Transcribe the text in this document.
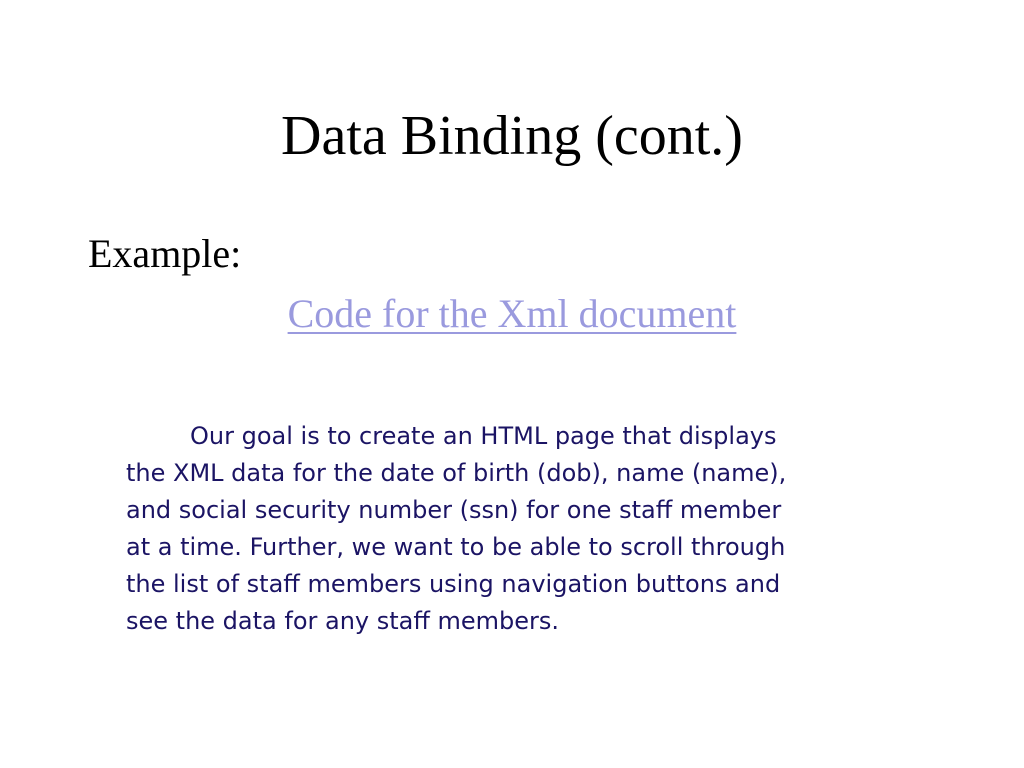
Data Binding (cont.)
Example:
Code for the Xml document

Our goal is to create an HTML page that displays
the XML data for the date of birth (dob), name (name),
and social security number (ssn) for one staff member
at a time. Further, we want to be able to scroll through
the list of staff members using navigation buttons and
see the data for any staff members.
